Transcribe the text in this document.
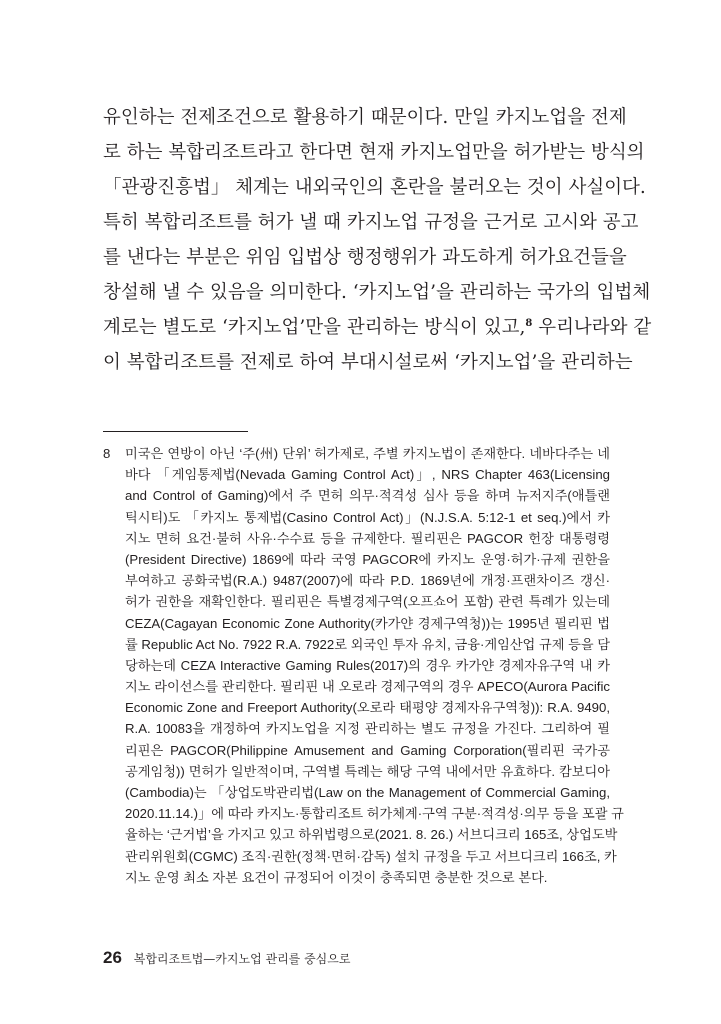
유인하는 전제조건으로 활용하기 때문이다. 만일 카지노업을 전제
로 하는 복합리조트라고 한다면 현재 카지노업만을 허가받는 방식의
「관광진흥법」 체계는 내외국인의 혼란을 불러오는 것이 사실이다.
특히 복합리조트를 허가 낼 때 카지노업 규정을 근거로 고시와 공고
를 낸다는 부분은 위임 입법상 행정행위가 과도하게 허가요건들을
창설해 낼 수 있음을 의미한다. ‘카지노업’을 관리하는 국가의 입법체
계로는 별도로 ‘카지노업’만을 관리하는 방식이 있고,$^8$ 우리나라와 같
이 복합리조트를 전제로 하여 부대시설로써 ‘카지노업’을 관리하는
8 미국은 연방이 아닌 ‘주(州) 단위’ 허가제로, 주별 카지노법이 존재한다. 네바다주는 네
바다 「게임통제법(Nevada Gaming Control Act)」, NRS Chapter 463(Licensing
and Control of Gaming)에서 주 면허 의무·적격성 심사 등을 하며 뉴저지주(애틀랜
틱시티)도 「카지노 통제법(Casino Control Act)」(N.J.S.A. 5:12-1 et seq.)에서 카
지노 면허 요건·불허 사유·수수료 등을 규제한다. 필리핀은 PAGCOR 헌장 대통령령
(President Directive) 1869에 따라 국영 PAGCOR에 카지노 운영·허가·규제 권한을
부여하고 공화국법(R.A.) 9487(2007)에 따라 P.D. 1869년에 개정·프랜차이즈 갱신·
허가 권한을 재확인한다. 필리핀은 특별경제구역(오프쇼어 포함) 관련 특례가 있는데
CEZA(Cagayan Economic Zone Authority(카가얀 경제구역청))는 1995년 필리핀 법
률 Republic Act No. 7922 R.A. 7922로 외국인 투자 유치, 금융·게임산업 규제 등을 담
당하는데 CEZA Interactive Gaming Rules(2017)의 경우 카가얀 경제자유구역 내 카
지노 라이선스를 관리한다. 필리핀 내 오로라 경제구역의 경우 APECO(Aurora Pacific
Economic Zone and Freeport Authority(오로라 태평양 경제자유구역청)): R.A. 9490,
R.A. 10083을 개정하여 카지노업을 지정 관리하는 별도 규정을 가진다. 그리하여 필
리핀은 PAGCOR(Philippine Amusement and Gaming Corporation(필리핀 국가공
공게임청)) 면허가 일반적이며, 구역별 특례는 해당 구역 내에서만 유효하다. 캄보디아
(Cambodia)는 「상업도박관리법(Law on the Management of Commercial Gaming,
2020.11.14.)」에 따라 카지노·통합리조트 허가체계·구역 구분·적격성·의무 등을 포괄 규
율하는 ‘근거법’을 가지고 있고 하위법령으로(2021. 8. 26.) 서브디크리 165조, 상업도박
관리위원회(CGMC) 조직·권한(정책·면허·감독) 설치 규정을 두고 서브디크리 166조, 카
지노 운영 최소 자본 요건이 규정되어 이것이 충족되면 충분한 것으로 본다.
26 복합리조트법—카지노업 관리를 중심으로
